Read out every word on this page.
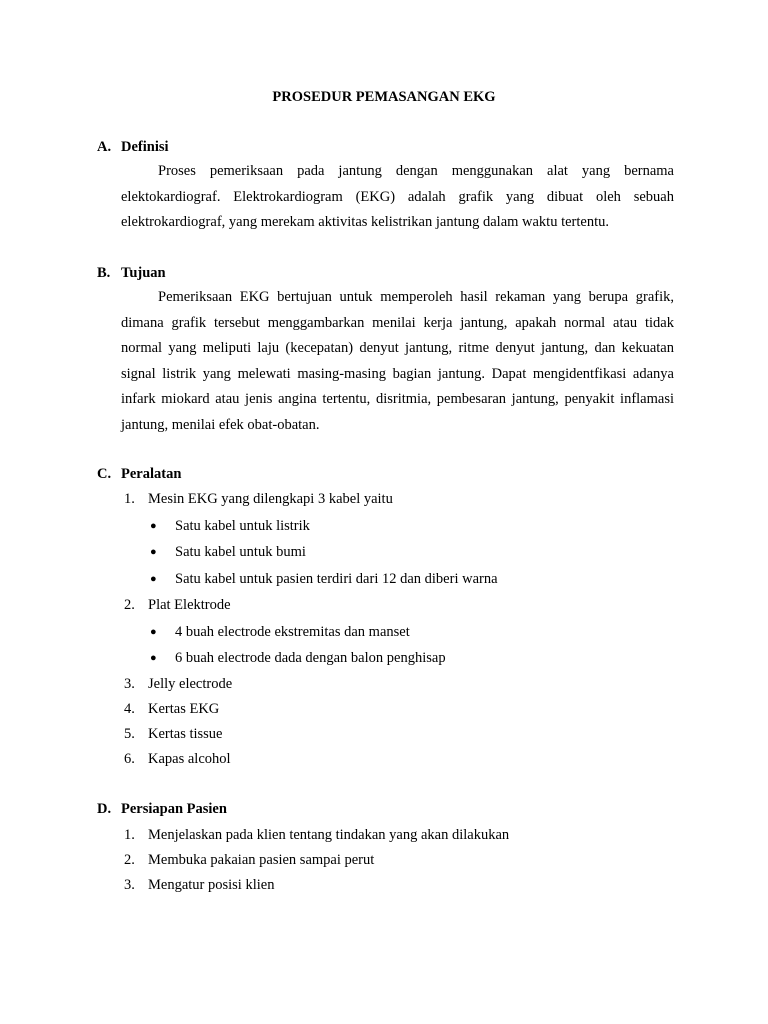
PROSEDUR PEMASANGAN EKG
A. Definisi

Proses pemeriksaan pada jantung dengan menggunakan alat yang bernama elektokardiograf. Elektrokardiogram (EKG) adalah grafik yang dibuat oleh sebuah elektrokardiograf, yang merekam aktivitas kelistrikan jantung dalam waktu tertentu.

B. Tujuan

Pemeriksaan EKG bertujuan untuk memperoleh hasil rekaman yang berupa grafik, dimana grafik tersebut menggambarkan menilai kerja jantung, apakah normal atau tidak normal yang meliputi laju (kecepatan) denyut jantung, ritme denyut jantung, dan kekuatan signal listrik yang melewati masing-masing bagian jantung. Dapat mengidentfikasi adanya infark miokard atau jenis angina tertentu, disritmia, pembesaran jantung, penyakit inflamasi jantung, menilai efek obat-obatan.

C. Peralatan
1. Mesin EKG yang dilengkapi 3 kabel yaitu
● Satu kabel untuk listrik
● Satu kabel untuk bumi
● Satu kabel untuk pasien terdiri dari 12 dan diberi warna
2. Plat Elektrode
● 4 buah electrode ekstremitas dan manset
● 6 buah electrode dada dengan balon penghisap
3. Jelly electrode
4. Kertas EKG
5. Kertas tissue
6. Kapas alcohol
D. Persiapan Pasien
1. Menjelaskan pada klien tentang tindakan yang akan dilakukan
2. Membuka pakaian pasien sampai perut
3. Mengatur posisi klien
